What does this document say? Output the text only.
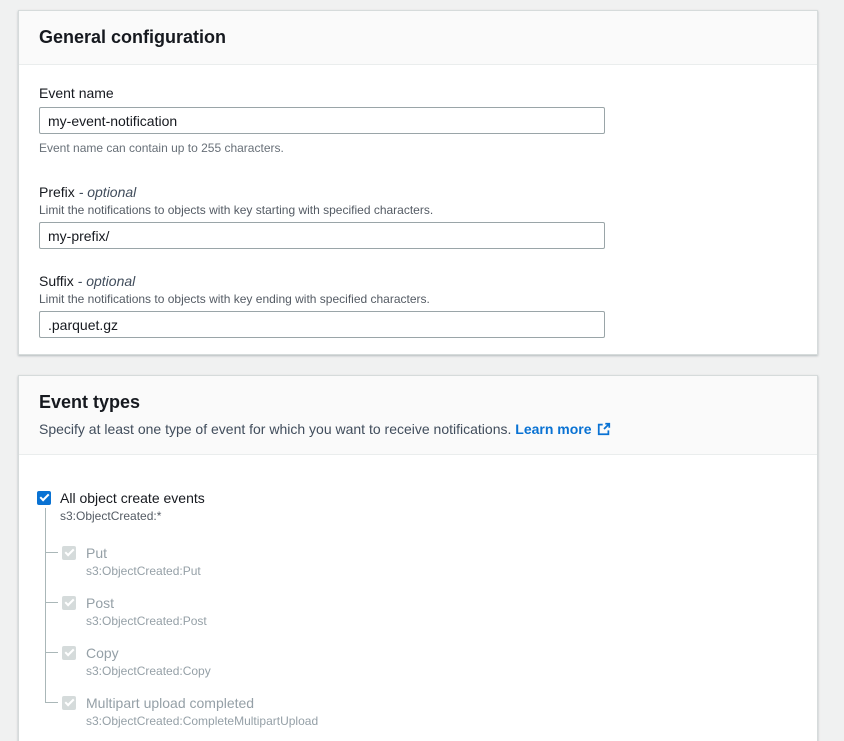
General configuration
Event name
my-event-notification
Event name can contain up to 255 characters.
Prefix - optional
Limit the notifications to objects with key starting with specified characters.
my-prefix/
Suffix - optional
Limit the notifications to objects with key ending with specified characters.
.parquet.gz
Event types
Specify at least one type of event for which you want to receive notifications. Learn more
All object create events
s3:ObjectCreated:*
Put
s3:ObjectCreated:Put
Post
s3:ObjectCreated:Post
Copy
s3:ObjectCreated:Copy
Multipart upload completed
s3:ObjectCreated:CompleteMultipartUpload
